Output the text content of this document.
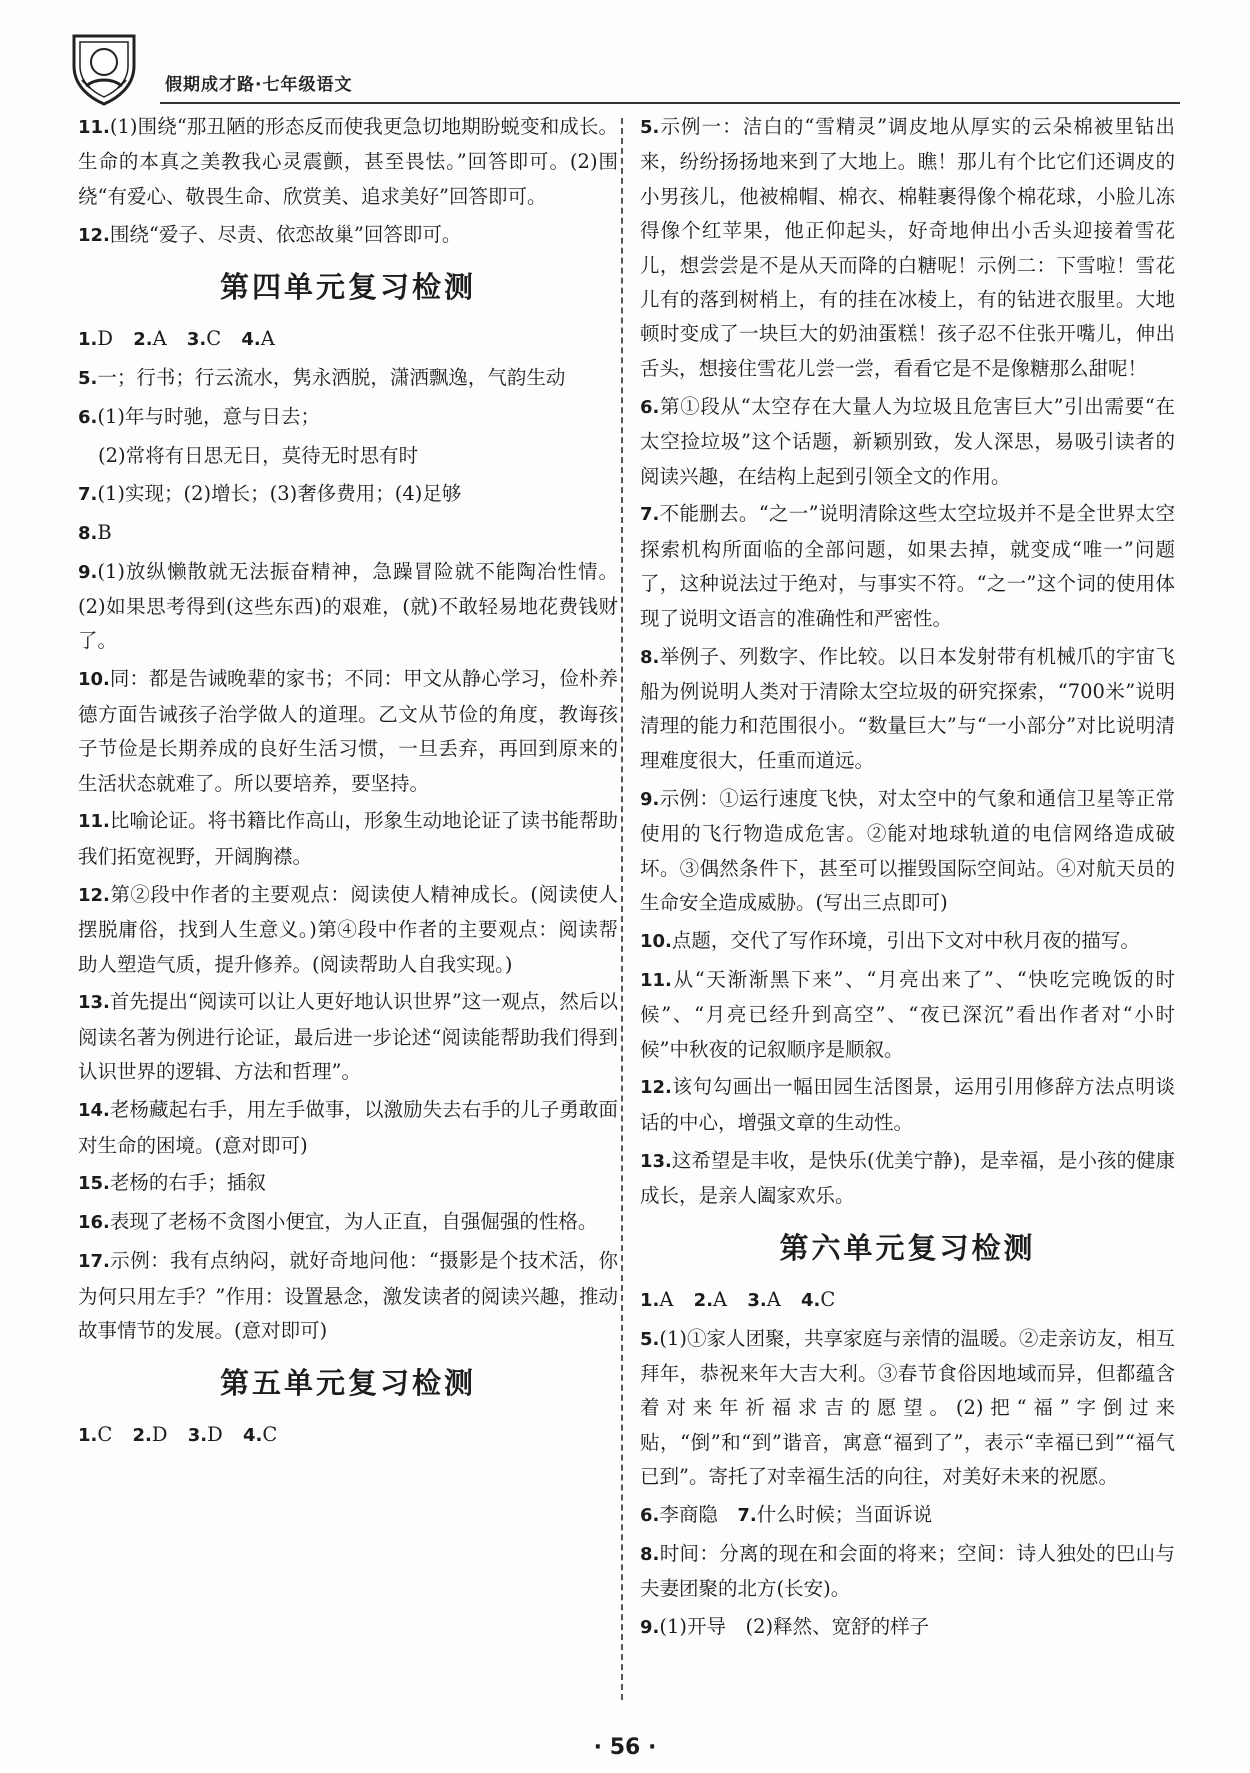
假期成才路·七年级语文
11.(1)围绕“那丑陋的形态反而使我更急切地期盼蜕变和成长。生命的本真之美教我心灵震颤，甚至畏怯。”回答即可。(2)围绕“有爱心、敬畏生命、欣赏美、追求美好”回答即可。
12.围绕“爱子、尽责、依恋故巢”回答即可。
第四单元复习检测
1.D 2.A 3.C 4.A
5.一；行书；行云流水，隽永洒脱，潇洒飘逸，气韵生动
6.(1)年与时驰，意与日去；
(2)常将有日思无日，莫待无时思有时
7.(1)实现；(2)增长；(3)奢侈费用；(4)足够
8.B
9.(1)放纵懒散就无法振奋精神，急躁冒险就不能陶冶性情。(2)如果思考得到(这些东西)的艰难，(就)不敢轻易地花费钱财了。
10.同：都是告诫晚辈的家书；不同：甲文从静心学习，俭朴养德方面告诫孩子治学做人的道理。乙文从节俭的角度，教诲孩子节俭是长期养成的良好生活习惯，一旦丢弃，再回到原来的生活状态就难了。所以要培养，要坚持。
11.比喻论证。将书籍比作高山，形象生动地论证了读书能帮助我们拓宽视野，开阔胸襟。
12.第②段中作者的主要观点：阅读使人精神成长。(阅读使人摆脱庸俗，找到人生意义。)第④段中作者的主要观点：阅读帮助人塑造气质，提升修养。(阅读帮助人自我实现。)
13.首先提出“阅读可以让人更好地认识世界”这一观点，然后以阅读名著为例进行论证，最后进一步论述“阅读能帮助我们得到认识世界的逻辑、方法和哲理”。
14.老杨藏起右手，用左手做事，以激励失去右手的儿子勇敢面对生命的困境。(意对即可)
15.老杨的右手；插叙
16.表现了老杨不贪图小便宜，为人正直，自强倔强的性格。
17.示例：我有点纳闷，就好奇地问他：“摄影是个技术活，你为何只用左手？”作用：设置悬念，激发读者的阅读兴趣，推动故事情节的发展。(意对即可)
第五单元复习检测
1.C 2.D 3.D 4.C
5.示例一：洁白的“雪精灵”调皮地从厚实的云朵棉被里钻出来，纷纷扬扬地来到了大地上。瞧！那儿有个比它们还调皮的小男孩儿，他被棉帽、棉衣、棉鞋裹得像个棉花球，小脸儿冻得像个红苹果，他正仰起头，好奇地伸出小舌头迎接着雪花儿，想尝尝是不是从天而降的白糖呢！示例二：下雪啦！雪花儿有的落到树梢上，有的挂在冰棱上，有的钻进衣服里。大地顿时变成了一块巨大的奶油蛋糕！孩子忍不住张开嘴儿，伸出舌头，想接住雪花儿尝一尝，看看它是不是像糖那么甜呢！
6.第①段从“太空存在大量人为垃圾且危害巨大”引出需要“在太空捡垃圾”这个话题，新颖别致，发人深思，易吸引读者的阅读兴趣，在结构上起到引领全文的作用。
7.不能删去。“之一”说明清除这些太空垃圾并不是全世界太空探索机构所面临的全部问题，如果去掉，就变成“唯一”问题了，这种说法过于绝对，与事实不符。“之一”这个词的使用体现了说明文语言的准确性和严密性。
8.举例子、列数字、作比较。以日本发射带有机械爪的宇宙飞船为例说明人类对于清除太空垃圾的研究探索，“700米”说明清理的能力和范围很小。“数量巨大”与“一小部分”对比说明清理难度很大，任重而道远。
9.示例：①运行速度飞快，对太空中的气象和通信卫星等正常使用的飞行物造成危害。②能对地球轨道的电信网络造成破坏。③偶然条件下，甚至可以摧毁国际空间站。④对航天员的生命安全造成威胁。(写出三点即可)
10.点题，交代了写作环境，引出下文对中秋月夜的描写。
11.从“天渐渐黑下来”、“月亮出来了”、“快吃完晚饭的时候”、“月亮已经升到高空”、“夜已深沉”看出作者对“小时候”中秋夜的记叙顺序是顺叙。
12.该句勾画出一幅田园生活图景，运用引用修辞方法点明谈话的中心，增强文章的生动性。
13.这希望是丰收，是快乐(优美宁静)，是幸福，是小孩的健康成长，是亲人阖家欢乐。
第六单元复习检测
1.A 2.A 3.A 4.C
5.(1)①家人团聚，共享家庭与亲情的温暖。②走亲访友，相互拜年，恭祝来年大吉大利。③春节食俗因地域而异，但都蕴含着对来年祈福求吉的愿望。(2)把“福”字倒过来贴，“倒”和“到”谐音，寓意“福到了”，表示“幸福已到”“福气已到”。寄托了对幸福生活的向往，对美好未来的祝愿。
6.李商隐　 7.什么时候；当面诉说
8.时间：分离的现在和会面的将来；空间：诗人独处的巴山与夫妻团聚的北方(长安)。
9.(1)开导　(2)释然、宽舒的样子
· 56 ·
